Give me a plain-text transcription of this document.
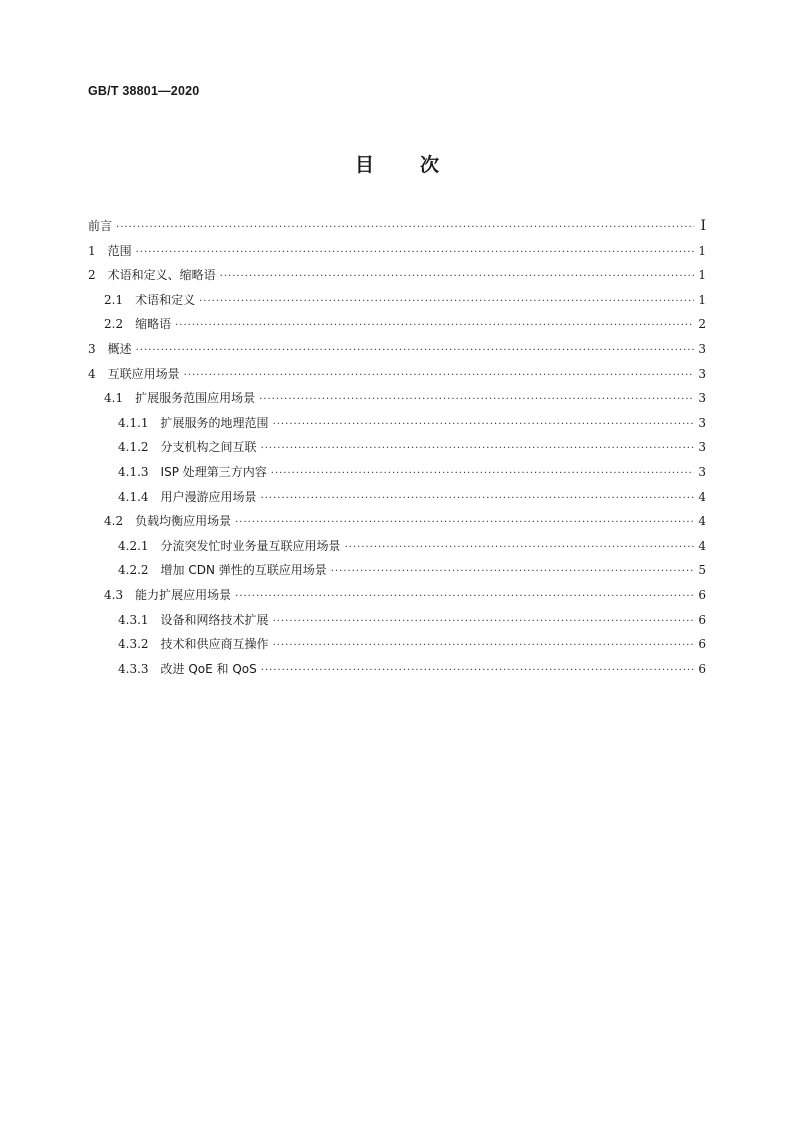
GB/T 38801—2020
目次
前言 ·····	Ⅰ
1 范围 ·····	1
2 术语和定义、缩略语 ·····	1
2.1 术语和定义 ·····	1
2.2 缩略语 ·····	2
3 概述 ·····	3
4 互联应用场景 ·····	3
4.1 扩展服务范围应用场景 ·····	3
4.1.1 扩展服务的地理范围 ·····	3
4.1.2 分支机构之间互联 ·····	3
4.1.3 ISP 处理第三方内容 ·····	3
4.1.4 用户漫游应用场景 ·····	4
4.2 负载均衡应用场景 ·····	4
4.2.1 分流突发忙时业务量互联应用场景 ·····	4
4.2.2 增加 CDN 弹性的互联应用场景 ·····	5
4.3 能力扩展应用场景 ·····	6
4.3.1 设备和网络技术扩展 ·····	6
4.3.2 技术和供应商互操作 ·····	6
4.3.3 改进 QoE 和 QoS ·····	6
